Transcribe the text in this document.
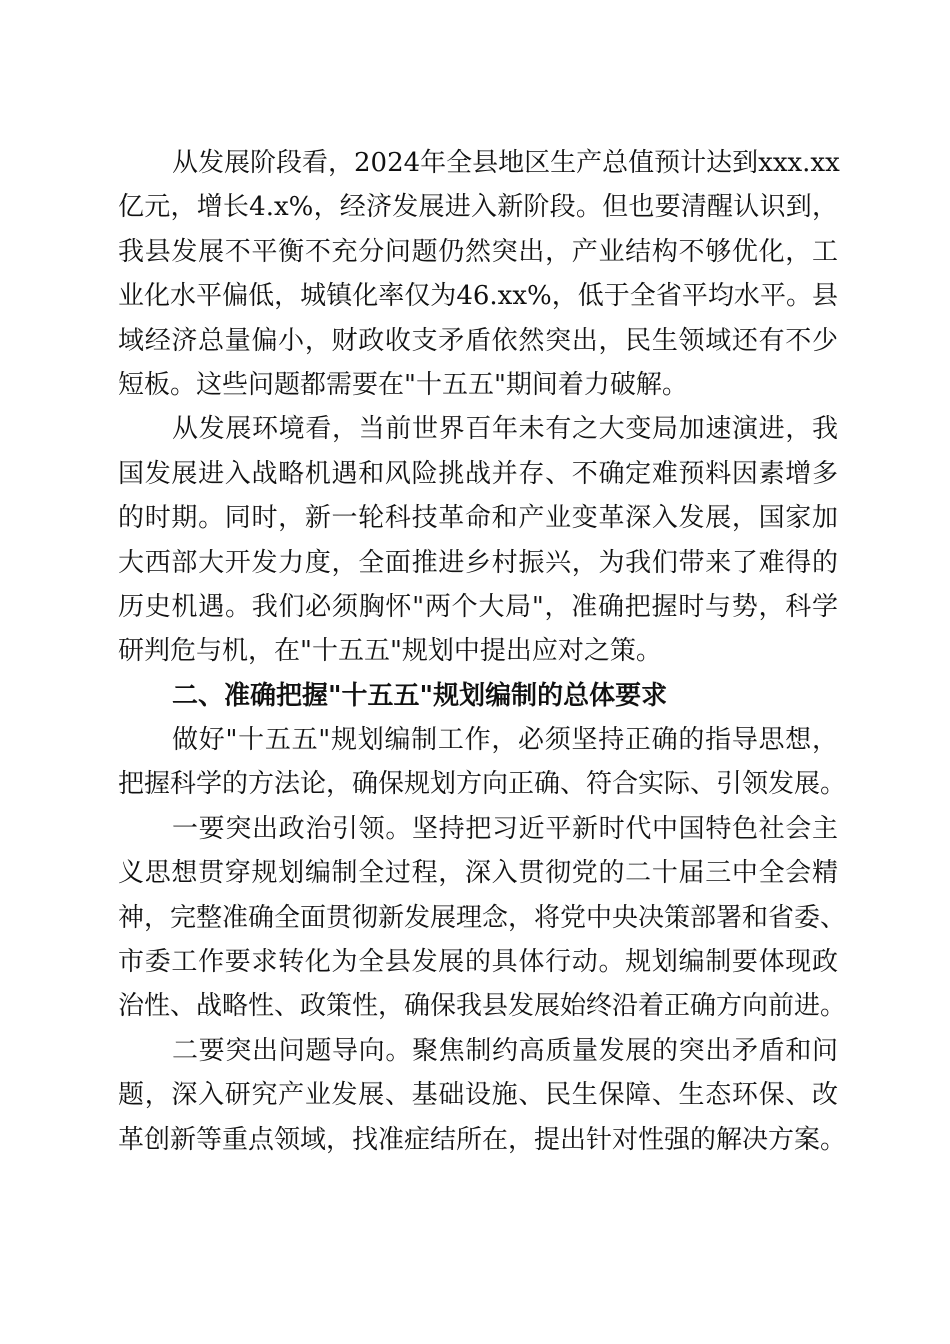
从发展阶段看，2024年全县地区生产总值预计达到xxx.xx
亿元，增长4.x%，经济发展进入新阶段。但也要清醒认识到，
我县发展不平衡不充分问题仍然突出，产业结构不够优化，工
业化水平偏低，城镇化率仅为46.xx%，低于全省平均水平。县
域经济总量偏小，财政收支矛盾依然突出，民生领域还有不少
短板。这些问题都需要在"十五五"期间着力破解。
从发展环境看，当前世界百年未有之大变局加速演进，我
国发展进入战略机遇和风险挑战并存、不确定难预料因素增多
的时期。同时，新一轮科技革命和产业变革深入发展，国家加
大西部大开发力度，全面推进乡村振兴，为我们带来了难得的
历史机遇。我们必须胸怀"两个大局"，准确把握时与势，科学
研判危与机，在"十五五"规划中提出应对之策。
二、准确把握"十五五"规划编制的总体要求
做好"十五五"规划编制工作，必须坚持正确的指导思想，
把握科学的方法论，确保规划方向正确、符合实际、引领发展。
一要突出政治引领。坚持把习近平新时代中国特色社会主
义思想贯穿规划编制全过程，深入贯彻党的二十届三中全会精
神，完整准确全面贯彻新发展理念，将党中央决策部署和省委、
市委工作要求转化为全县发展的具体行动。规划编制要体现政
治性、战略性、政策性，确保我县发展始终沿着正确方向前进。
二要突出问题导向。聚焦制约高质量发展的突出矛盾和问
题，深入研究产业发展、基础设施、民生保障、生态环保、改
革创新等重点领域，找准症结所在，提出针对性强的解决方案。
